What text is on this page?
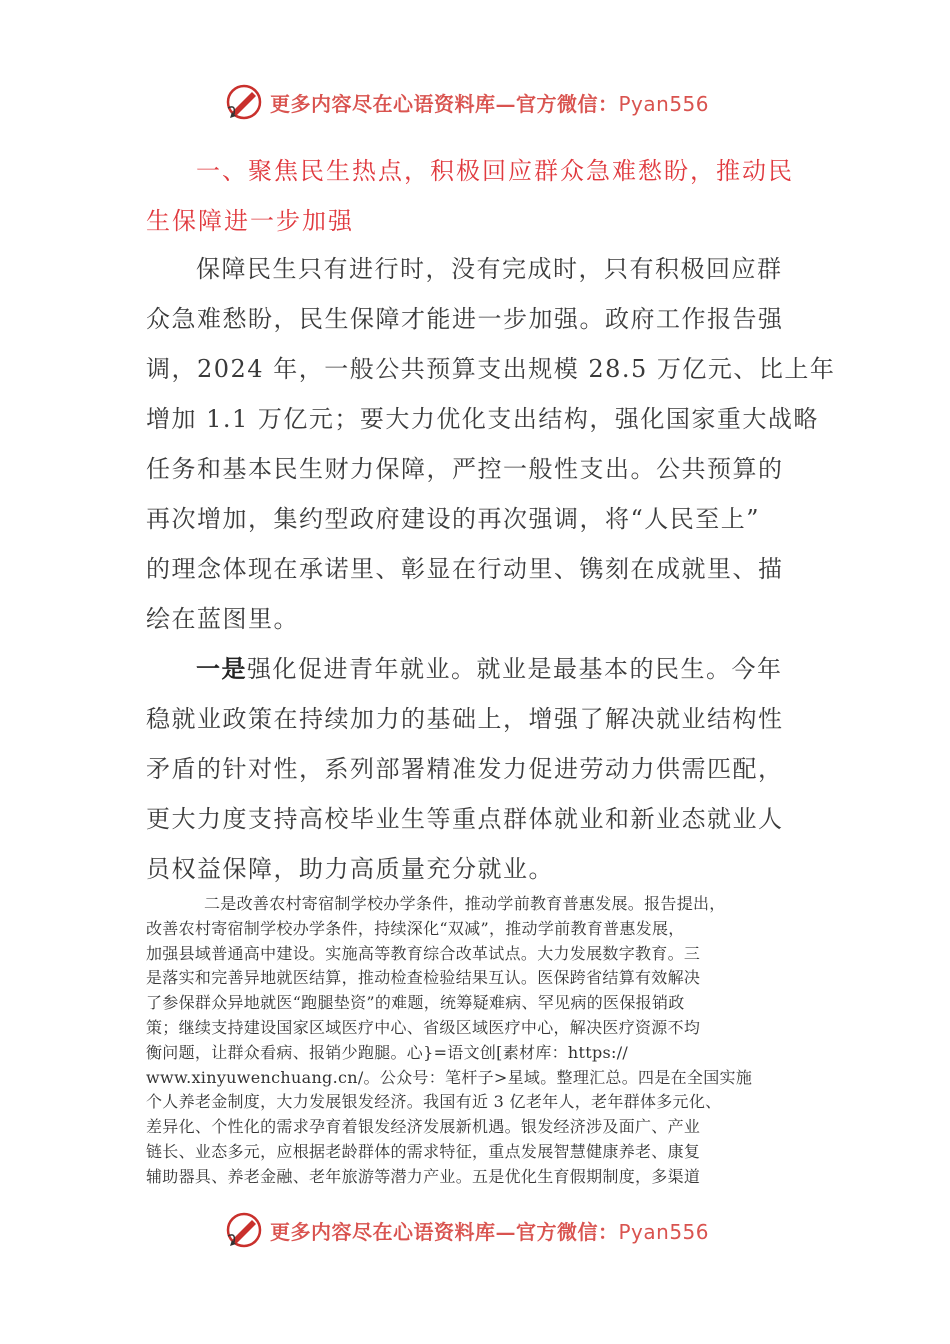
更多内容尽在心语资料库—官方微信：Pyan556
一、聚焦民生热点，积极回应群众急难愁盼，推动民
生保障进一步加强

保障民生只有进行时，没有完成时，只有积极回应群
众急难愁盼，民生保障才能进一步加强。政府工作报告强
调，2024 年，一般公共预算支出规模 28.5 万亿元、比上年
增加 1.1 万亿元；要大力优化支出结构，强化国家重大战略
任务和基本民生财力保障，严控一般性支出。公共预算的
再次增加，集约型政府建设的再次强调，将“人民至上”
的理念体现在承诺里、彰显在行动里、镌刻在成就里、描
绘在蓝图里。

一是强化促进青年就业。就业是最基本的民生。今年
稳就业政策在持续加力的基础上，增强了解决就业结构性
矛盾的针对性，系列部署精准发力促进劳动力供需匹配，
更大力度支持高校毕业生等重点群体就业和新业态就业人
员权益保障，助力高质量充分就业。

二是改善农村寄宿制学校办学条件，推动学前教育普惠发展。报告提出，
改善农村寄宿制学校办学条件，持续深化“双减”，推动学前教育普惠发展，
加强县域普通高中建设。实施高等教育综合改革试点。大力发展数字教育。三
是落实和完善异地就医结算，推动检查检验结果互认。医保跨省结算有效解决
了参保群众异地就医“跑腿垫资”的难题，统筹疑难病、罕见病的医保报销政
策；继续支持建设国家区域医疗中心、省级区域医疗中心，解决医疗资源不均
衡问题，让群众看病、报销少跑腿。心}=语文创[素材库：https://
www.xinyuwenchuang.cn/。公众号：笔杆子>星域。整理汇总。四是在全国实施
个人养老金制度，大力发展银发经济。我国有近 3 亿老年人，老年群体多元化、
差异化、个性化的需求孕育着银发经济发展新机遇。银发经济涉及面广、产业
链长、业态多元，应根据老龄群体的需求特征，重点发展智慧健康养老、康复
辅助器具、养老金融、老年旅游等潜力产业。五是优化生育假期制度，多渠道

更多内容尽在心语资料库—官方微信：Pyan556
